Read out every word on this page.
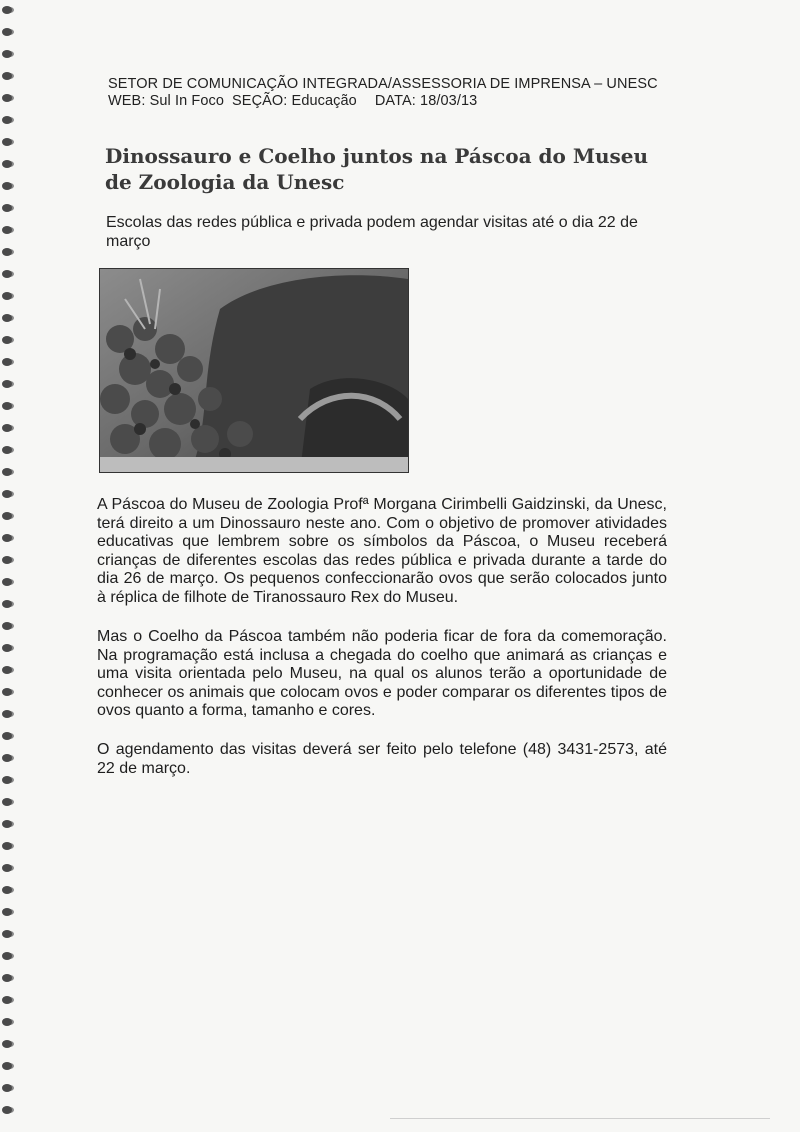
SETOR DE COMUNICAÇÃO INTEGRADA/ASSESSORIA DE IMPRENSA – UNESC
WEB: Sul In Foco SEÇÃO: Educação DATA: 18/03/13
Dinossauro e Coelho juntos na Páscoa do Museu de Zoologia da Unesc

Escolas das redes pública e privada podem agendar visitas até o dia 22 de março

A Páscoa do Museu de Zoologia Profª Morgana Cirimbelli Gaidzinski, da Unesc, terá direito a um Dinossauro neste ano. Com o objetivo de promover atividades educativas que lembrem sobre os símbolos da Páscoa, o Museu receberá crianças de diferentes escolas das redes pública e privada durante a tarde do dia 26 de março. Os pequenos confeccionarão ovos que serão colocados junto à réplica de filhote de Tiranossauro Rex do Museu.

Mas o Coelho da Páscoa também não poderia ficar de fora da comemoração. Na programação está inclusa a chegada do coelho que animará as crianças e uma visita orientada pelo Museu, na qual os alunos terão a oportunidade de conhecer os animais que colocam ovos e poder comparar os diferentes tipos de ovos quanto a forma, tamanho e cores.

O agendamento das visitas deverá ser feito pelo telefone (48) 3431-2573, até 22 de março.
